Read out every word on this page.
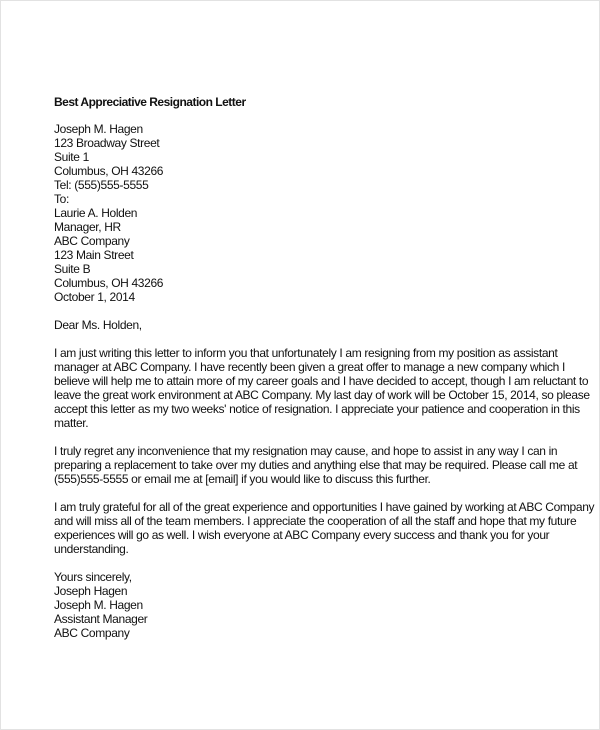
Best Appreciative Resignation Letter
Joseph M. Hagen
123 Broadway Street
Suite 1
Columbus, OH 43266
Tel: (555)555-5555
To:
Laurie A. Holden
Manager, HR
ABC Company
123 Main Street
Suite B
Columbus, OH 43266
October 1, 2014
Dear Ms. Holden,
I am just writing this letter to inform you that unfortunately I am resigning from my position as assistant
manager at ABC Company. I have recently been given a great offer to manage a new company which I
believe will help me to attain more of my career goals and I have decided to accept, though I am reluctant to
leave the great work environment at ABC Company. My last day of work will be October 15, 2014, so please
accept this letter as my two weeks' notice of resignation. I appreciate your patience and cooperation in this
matter.
I truly regret any inconvenience that my resignation may cause, and hope to assist in any way I can in
preparing a replacement to take over my duties and anything else that may be required. Please call me at
(555)555-5555 or email me at [email] if you would like to discuss this further.
I am truly grateful for all of the great experience and opportunities I have gained by working at ABC Company
and will miss all of the team members. I appreciate the cooperation of all the staff and hope that my future
experiences will go as well. I wish everyone at ABC Company every success and thank you for your
understanding.
Yours sincerely,
Joseph Hagen
Joseph M. Hagen
Assistant Manager
ABC Company
